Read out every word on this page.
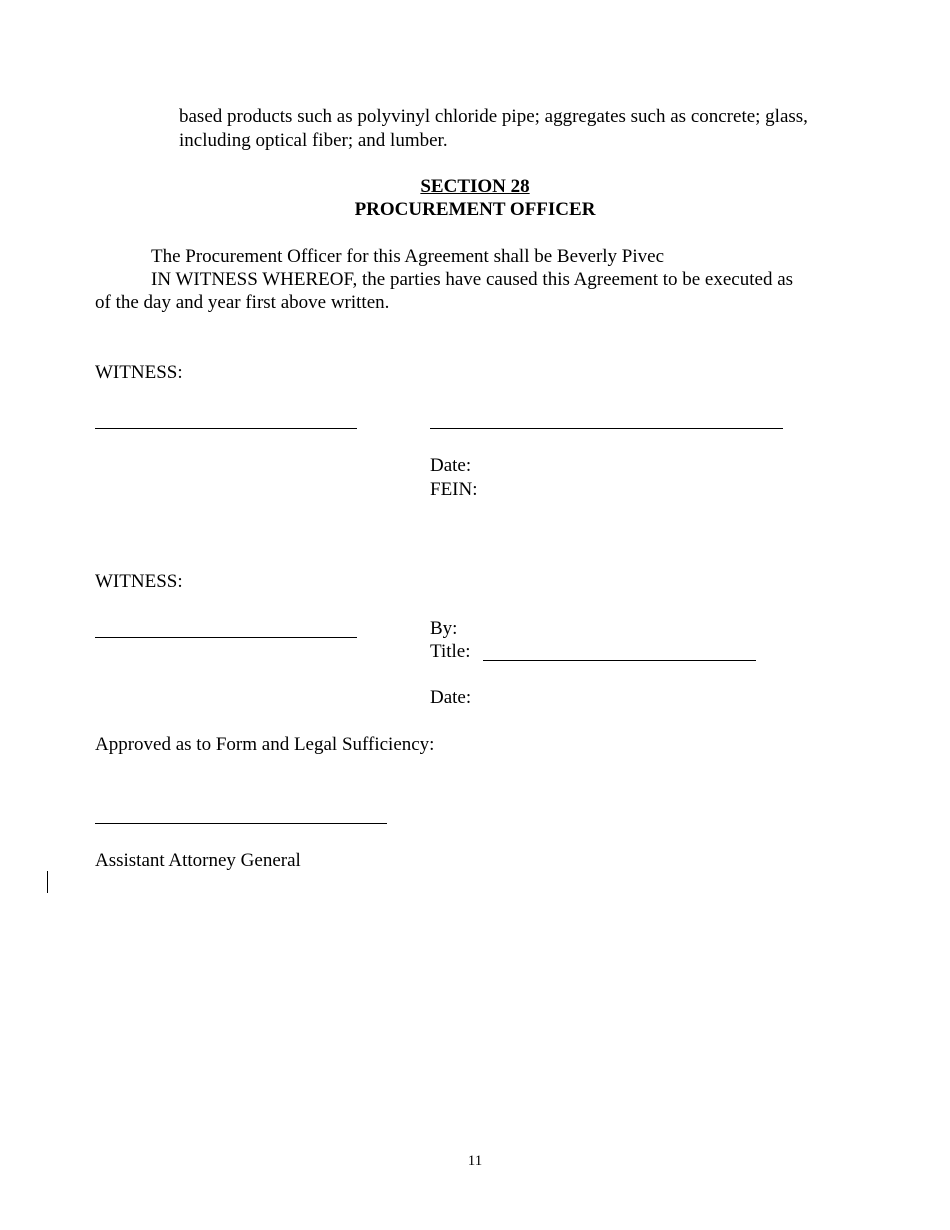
based products such as polyvinyl chloride pipe; aggregates such as concrete; glass,
including optical fiber; and lumber.
SECTION 28
PROCUREMENT OFFICER
The Procurement Officer for this Agreement shall be Beverly Pivec
IN WITNESS WHEREOF, the parties have caused this Agreement to be executed as
of the day and year first above written.
WITNESS:
Date:
FEIN:
WITNESS:
By:
Title:
Date:
Approved as to Form and Legal Sufficiency:
Assistant Attorney General
11
